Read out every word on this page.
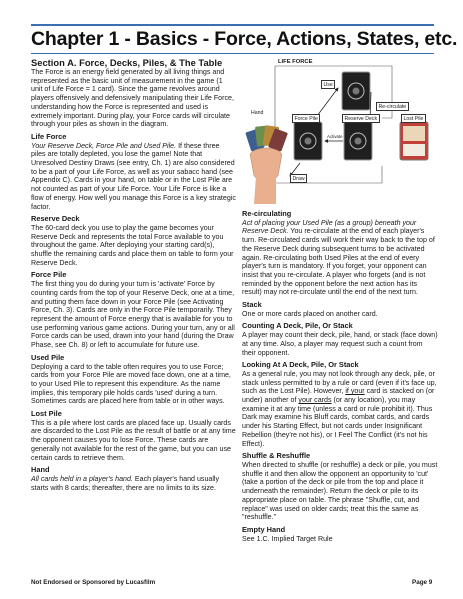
Chapter 1 - Basics - Force, Actions, States, etc.
Section A. Force, Decks, Piles, & The Table

The Force is an energy field generated by all living things and represented as the basic unit of measurement in the game (1 unit of Life Force = 1 card). Since the game revolves around players offensively and defensively manipulating their Life Force, understanding how the Force is represented and used is extremely important. During play, your Force cards will circulate through your piles as shown in the diagram.

Life Force

Your Reserve Deck, Force Pile and Used Pile. If these three piles are totally depleted, you lose the game! Note that Unresolved Destiny Draws (see entry, Ch. 1) are also considered to be a part of your Life Force, as well as your sabacc hand (see Appendix C). Cards in your hand, on table or in the Lost Pile are not counted as part of your Life Force. Your Life Force is like a flow of energy. How well you manage this Force is a key strategic factor.

Reserve Deck

The 60-card deck you use to play the game becomes your Reserve Deck and represents the total Force available to you throughout the game. After deploying your starting card(s), shuffle the remaining cards and place them on table to form your Reserve Deck.

Force Pile

The first thing you do during your turn is 'activate' Force by counting cards from the top of your Reserve Deck, one at a time, and putting them face down in your Force Pile (see Activating Force, Ch. 3). Cards are only in the Force Pile temporarily. They represent the amount of Force energy that is available for you to use performing various game actions. During your turn, any or all Force cards can be used, drawn into your hand (during the Draw Phase, see Ch. 8) or left to accumulate for future use.

Used Pile

Deploying a card to the table often requires you to use Force; cards from your Force Pile are moved face down, one at a time, to your Used Pile to represent this expenditure. As the name implies, this temporary pile holds cards 'used' during a turn. Sometimes cards are placed here from table or in other ways.

Lost Pile

This is a pile where lost cards are placed face up. Usually cards are discarded to the Lost Pile as the result of battle or at any time the opponent causes you to lose Force. These cards are generally not available for the rest of the game, but you can use certain cards to retrieve them.

Hand

All cards held in a player's hand. Each player's hand usually starts with 8 cards; thereafter, there are no limits to its size.

LIFE FORCE
Use
Re-circulate
Hand
Force Pile
Activate
Reserve Deck	Lost Pile
Draw
Re-circulating

Act of placing your Used Pile (as a group) beneath your Reserve Deck. You re-circulate at the end of each player's turn. Re-circulated cards will work their way back to the top of the Reserve Deck during subsequent turns to be activated again. Re-circulating both Used Piles at the end of every player's turn is mandatory. If you forget, your opponent can insist that you re-circulate. A player who forgets (and is not reminded by the opponent before the next action has its result) may not re-circulate until the end of the next turn.

Stack

One or more cards placed on another card.

Counting A Deck, Pile, Or Stack

A player may count their deck, pile, hand, or stack (face down) at any time. Also, a player may request such a count from their opponent.

Looking At A Deck, Pile, Or Stack

As a general rule, you may not look through any deck, pile, or stack unless permitted to by a rule or card (even if it's face up, such as the Lost Pile). However, if your card is stacked on (or under) another of your cards (or any location), you may examine it at any time (unless a card or rule prohibit it). Thus Dark may examine his Bluff cards, combat cards, and cards under his Starting Effect, but not cards under Insignificant Rebellion (they're not his), or I Feel The Conflict (it's not his Effect).

Shuffle & Reshuffle

When directed to shuffle (or reshuffle) a deck or pile, you must shuffle it and then allow the opponent an opportunity to 'cut' (take a portion of the deck or pile from the top and place it underneath the remainder). Return the deck or pile to its appropriate place on table. The phrase "Shuffle, cut, and replace" was used on older cards; treat this the same as "reshuffle."

Empty Hand

See 1.C. Implied Target Rule

Not Endorsed or Sponsored by Lucasfilm	Page 9
